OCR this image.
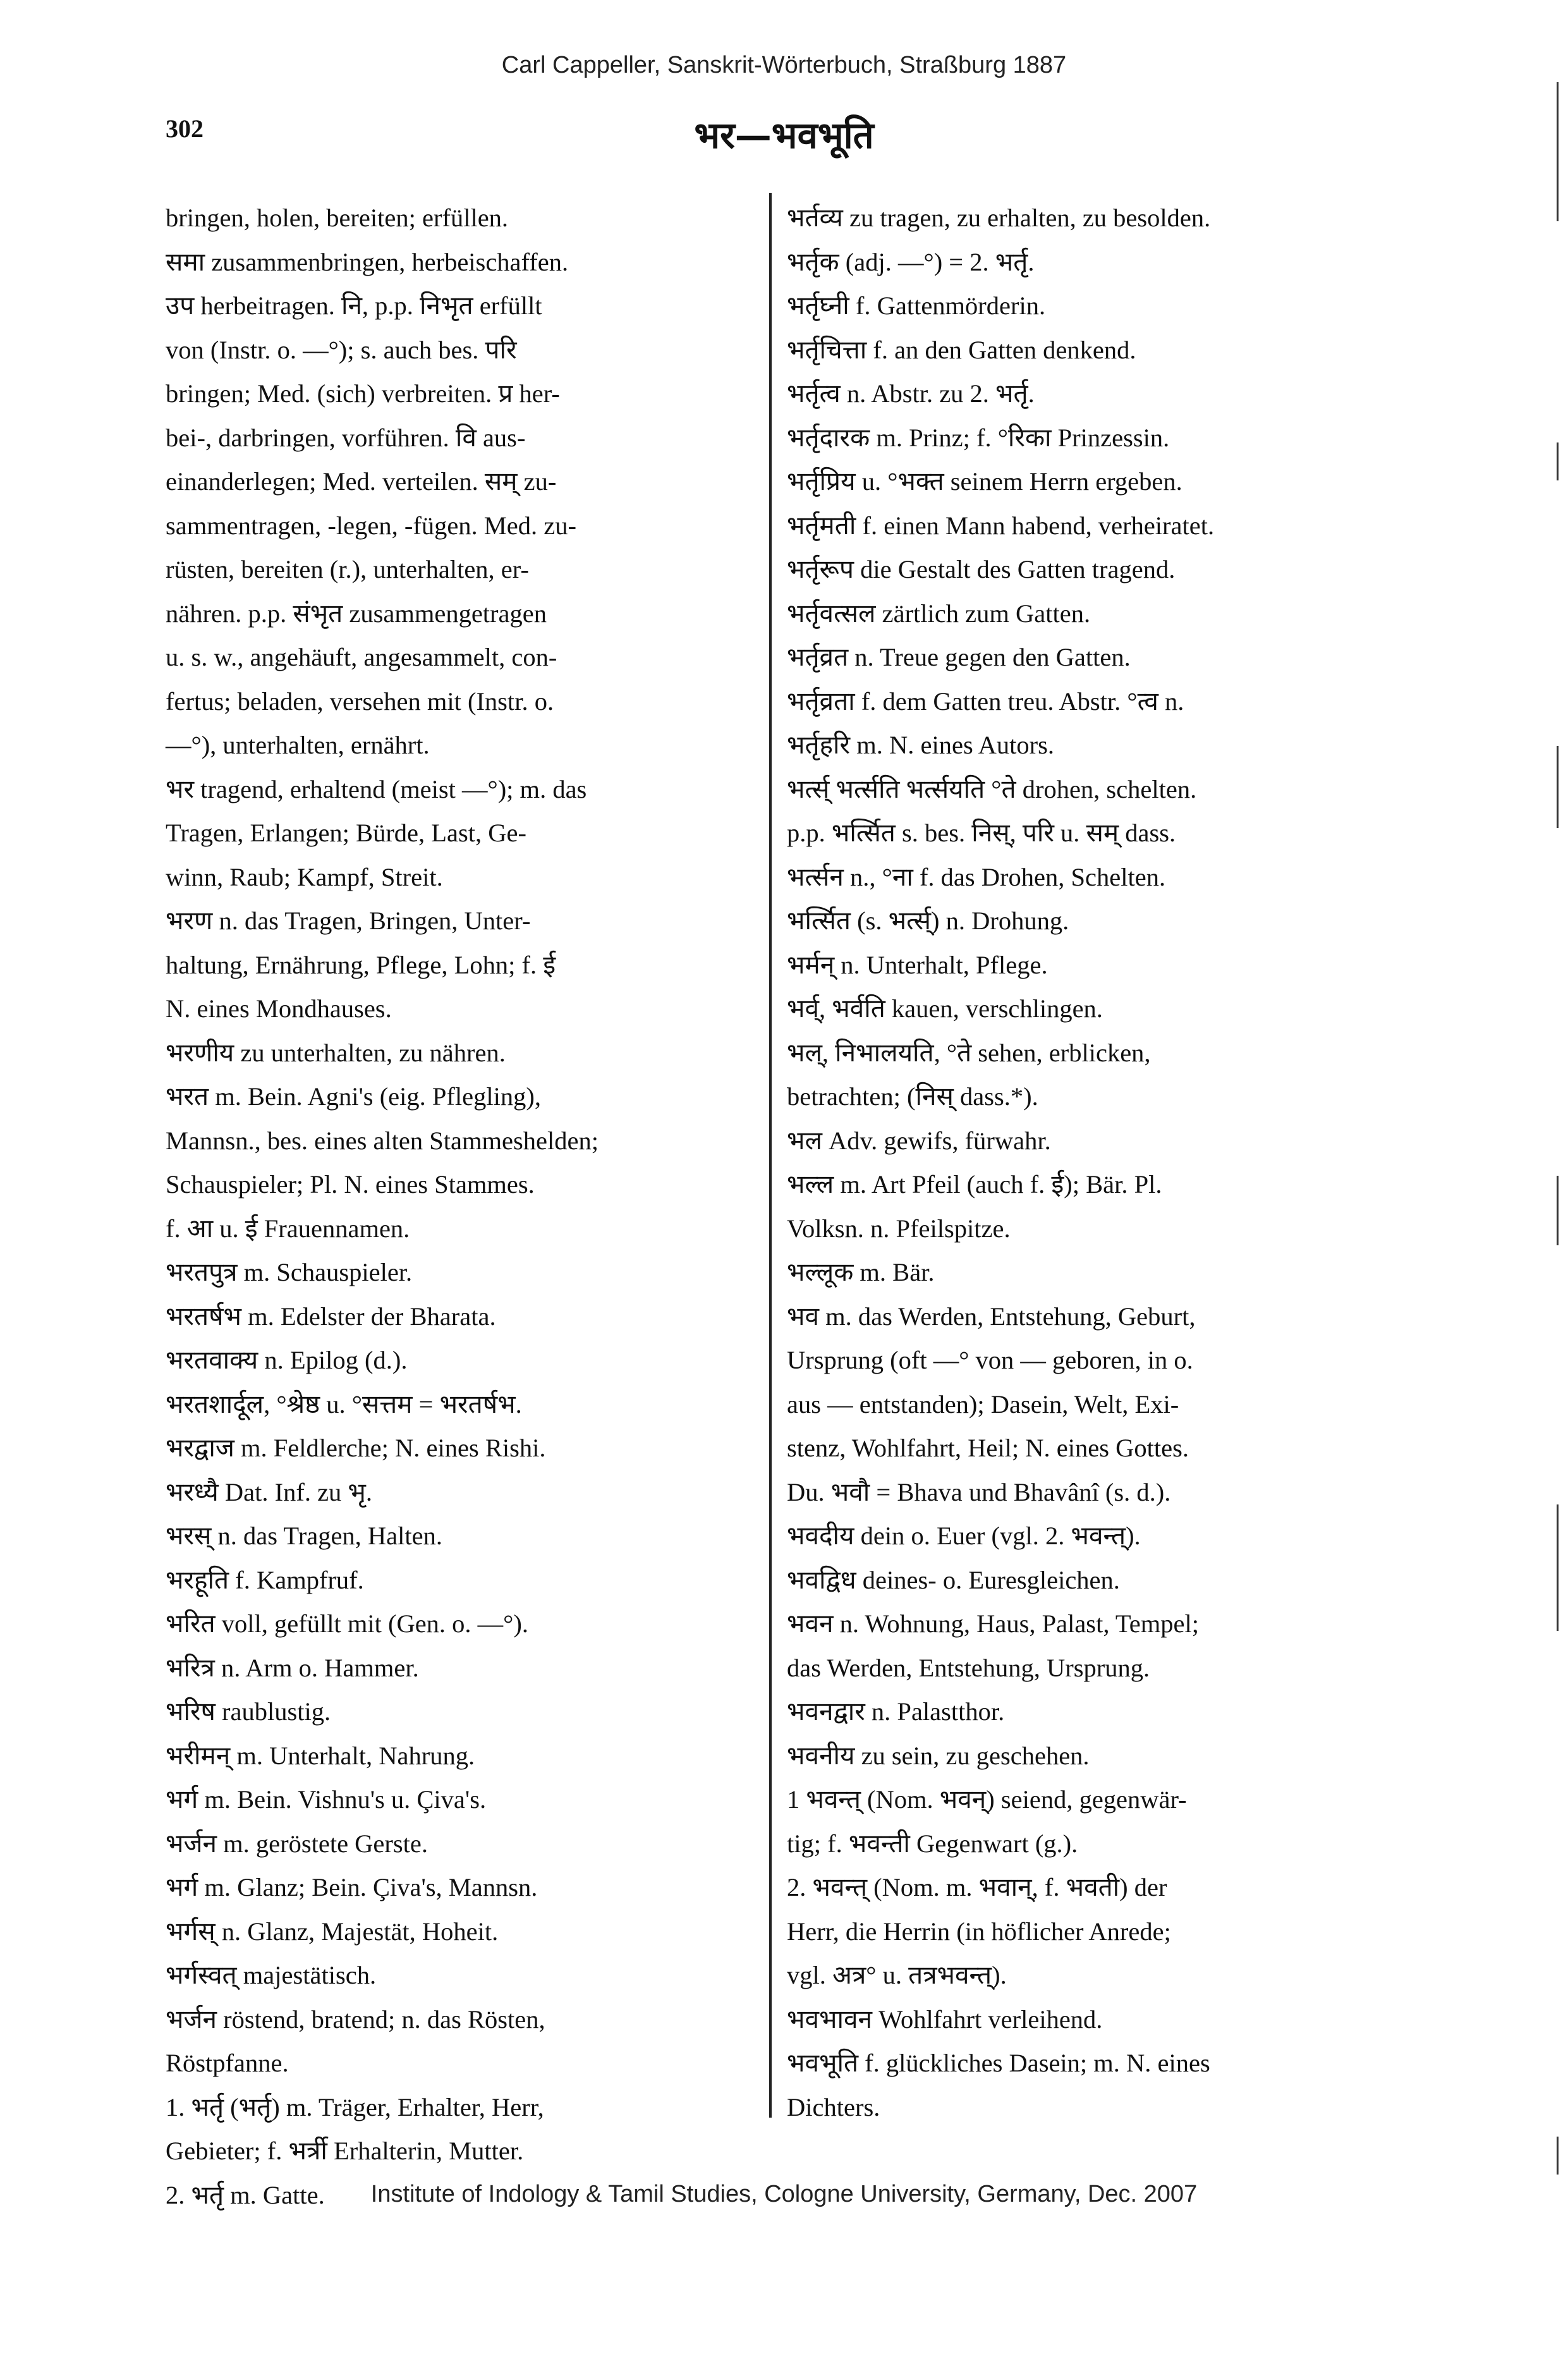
Carl Cappeller, Sanskrit-Wörterbuch, Straßburg 1887
302	भर—भवभूति

bringen, holen, bereiten; erfüllen.

समा zusammenbringen, herbeischaffen.

उप herbeitragen. नि, p.p. निभृत erfüllt

von (Instr. o. —°); s. auch bes. परि

bringen; Med. (sich) verbreiten. प्र her-

bei-, darbringen, vorführen. वि aus-

einanderlegen; Med. verteilen. सम् zu-

sammentragen, -legen, -fügen. Med. zu-

rüsten, bereiten (r.), unterhalten, er-

nähren. p.p. संभृत zusammengetragen

u. s. w., angehäuft, angesammelt, con-

fertus; beladen, versehen mit (Instr. o.

—°), unterhalten, ernährt.

भर tragend, erhaltend (meist —°); m. das

Tragen, Erlangen; Bürde, Last, Ge-

winn, Raub; Kampf, Streit.

भरण n. das Tragen, Bringen, Unter-

haltung, Ernährung, Pflege, Lohn; f. ई

N. eines Mondhauses.

भरणीय zu unterhalten, zu nähren.

भरत m. Bein. Agni's (eig. Pflegling),

Mannsn., bes. eines alten Stammeshelden;

Schauspieler; Pl. N. eines Stammes.

f. आ u. ई Frauennamen.

भरतपुत्र m. Schauspieler.

भरतर्षभ m. Edelster der Bharata.

भरतवाक्य n. Epilog (d.).

भरतशार्दूल, °श्रेष्ठ u. °सत्तम = भरतर्षभ.

भरद्वाज m. Feldlerche; N. eines Rishi.

भरध्यै Dat. Inf. zu भृ.

भरस् n. das Tragen, Halten.

भरहूति f. Kampfruf.

भरित voll, gefüllt mit (Gen. o. —°).

भरित्र n. Arm o. Hammer.

भरिष raublustig.

भरीमन् m. Unterhalt, Nahrung.

भर्ग m. Bein. Vishnu's u. Çiva's.

भर्जन m. geröstete Gerste.

भर्ग m. Glanz; Bein. Çiva's, Mannsn.

भर्गस् n. Glanz, Majestät, Hoheit.

भर्गस्वत् majestätisch.

भर्जन röstend, bratend; n. das Rösten,

Röstpfanne.

1. भर्तृ (भर्तृ) m. Träger, Erhalter, Herr,

Gebieter; f. भर्त्री Erhalterin, Mutter.

2. भर्तृ m. Gatte.

भर्तव्य zu tragen, zu erhalten, zu besolden.

भर्तृक (adj. —°) = 2. भर्तृ.

भर्तृघ्नी f. Gattenmörderin.

भर्तृचित्ता f. an den Gatten denkend.

भर्तृत्व n. Abstr. zu 2. भर्तृ.

भर्तृदारक m. Prinz; f. °रिका Prinzessin.

भर्तृप्रिय u. °भक्त seinem Herrn ergeben.

भर्तृमती f. einen Mann habend, verheiratet.

भर्तृरूप die Gestalt des Gatten tragend.

भर्तृवत्सल zärtlich zum Gatten.

भर्तृव्रत n. Treue gegen den Gatten.

भर्तृव्रता f. dem Gatten treu. Abstr. °त्व n.

भर्तृहरि m. N. eines Autors.

भर्त्स् भर्त्सति भर्त्सयति °ते drohen, schelten.

p.p. भर्त्सित s. bes. निस्, परि u. सम् dass.

भर्त्सन n., °ना f. das Drohen, Schelten.

भर्त्सित (s. भर्त्स्) n. Drohung.

भर्मन् n. Unterhalt, Pflege.

भर्व्, भर्वति kauen, verschlingen.

भल्, निभालयति, °ते sehen, erblicken,

betrachten; (निस् dass.*).

भल Adv. gewifs, fürwahr.

भल्ल m. Art Pfeil (auch f. ई); Bär. Pl.

Volksn. n. Pfeilspitze.

भल्लूक m. Bär.

भव m. das Werden, Entstehung, Geburt,

Ursprung (oft —° von — geboren, in o.

aus — entstanden); Dasein, Welt, Exi-

stenz, Wohlfahrt, Heil; N. eines Gottes.

Du. भवौ = Bhava und Bhavânî (s. d.).

भवदीय dein o. Euer (vgl. 2. भवन्त्).

भवद्विध deines- o. Euresgleichen.

भवन n. Wohnung, Haus, Palast, Tempel;

das Werden, Entstehung, Ursprung.

भवनद्वार n. Palastthor.

भवनीय zu sein, zu geschehen.

1 भवन्त् (Nom. भवन्) seiend, gegenwär-

tig; f. भवन्ती Gegenwart (g.).

2. भवन्त् (Nom. m. भवान्, f. भवती) der

Herr, die Herrin (in höflicher Anrede;

vgl. अत्र° u. तत्रभवन्त्).

भवभावन Wohlfahrt verleihend.

भवभूति f. glückliches Dasein; m. N. eines

Dichters.

Institute of Indology & Tamil Studies, Cologne University, Germany, Dec. 2007
